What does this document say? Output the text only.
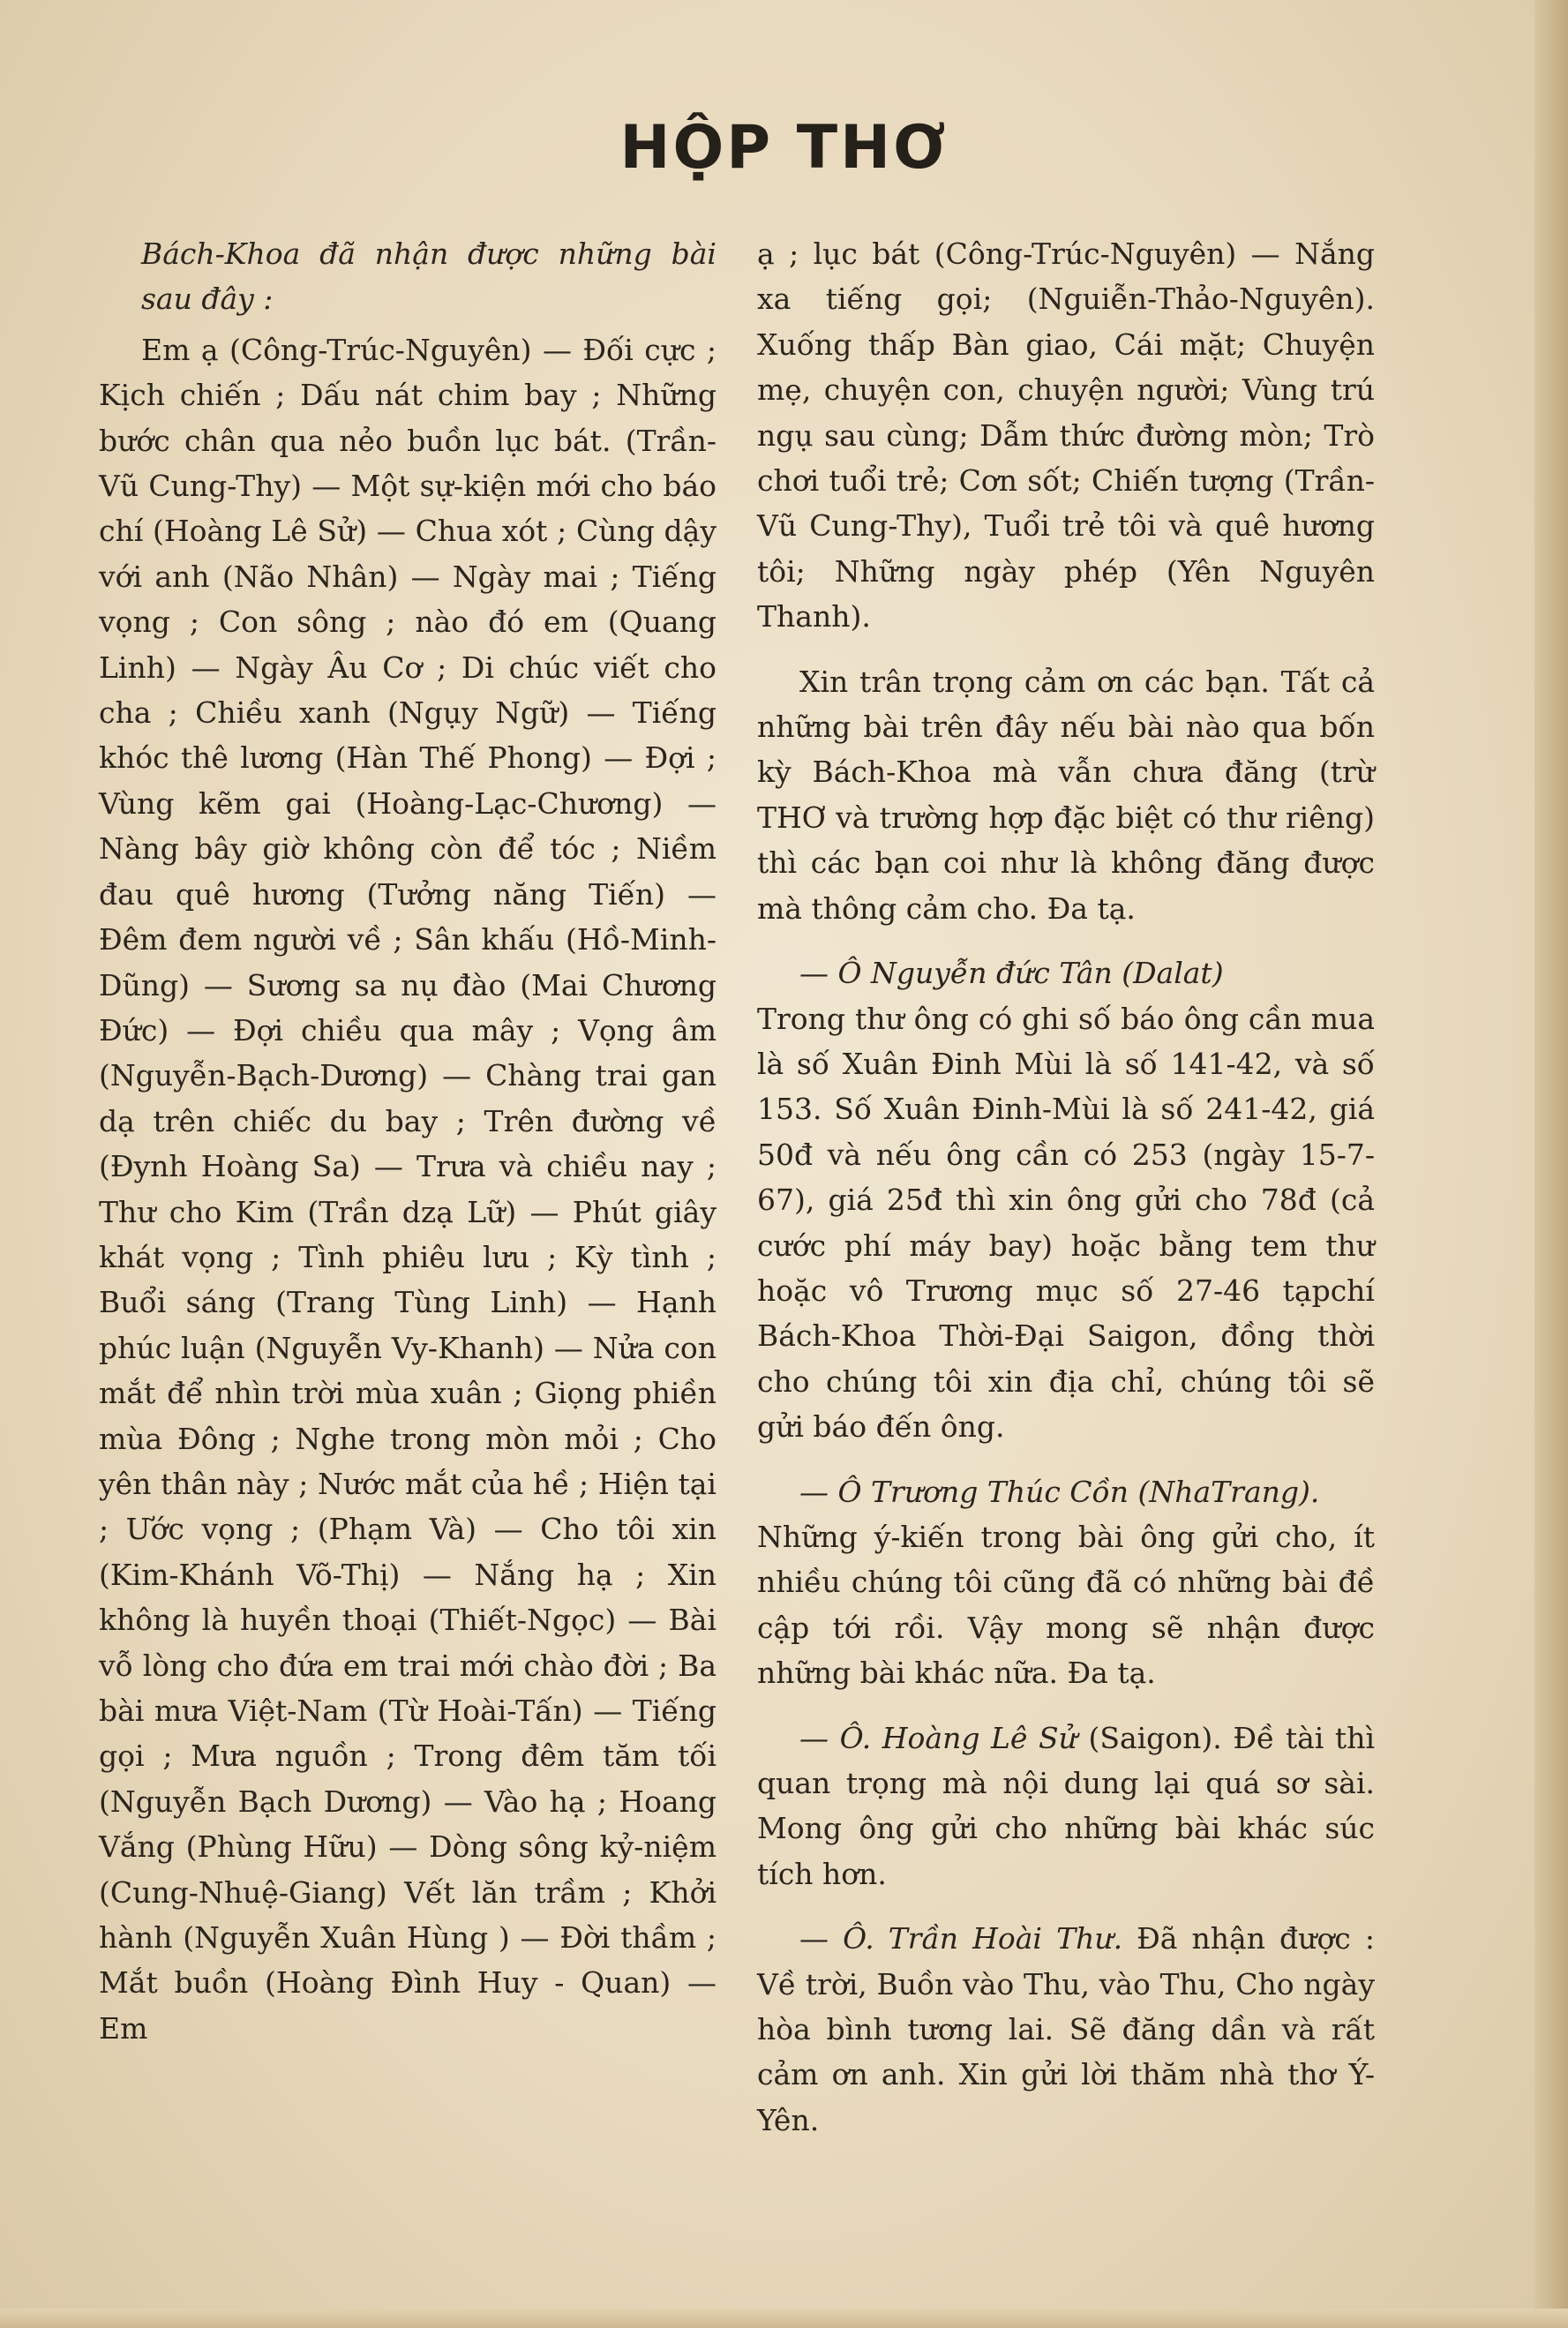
HỘP THƠ

Bách-Khoa đã nhận được những bài sau đây :

Em ạ (Công-Trúc-Nguyên) — Đối cực ; Kịch chiến ; Dấu nát chim bay ; Những bước chân qua nẻo buồn lục bát. (Trần-Vũ Cung-Thy) — Một sự-kiện mới cho báo chí (Hoàng Lê Sử) — Chua xót ; Cùng dậy với anh (Não Nhân) — Ngày mai ; Tiếng vọng ; Con sông ; nào đó em (Quang Linh) — Ngày Âu Cơ ; Di chúc viết cho cha ; Chiều xanh (Ngụy Ngữ) — Tiếng khóc thê lương (Hàn Thế Phong) — Đợi ; Vùng kẽm gai (Hoàng-Lạc-Chương) — Nàng bây giờ không còn để tóc ; Niềm đau quê hương (Tưởng năng Tiến) — Đêm đem người về ; Sân khấu (Hồ-Minh-Dũng) — Sương sa nụ đào (Mai Chương Đức) — Đợi chiều qua mây ; Vọng âm (Nguyễn-Bạch-Dương) — Chàng trai gan dạ trên chiếc du bay ; Trên đường về (Đynh Hoàng Sa) — Trưa và chiều nay ; Thư cho Kim (Trần dzạ Lữ) — Phút giây khát vọng ; Tình phiêu lưu ; Kỳ tình ; Buổi sáng (Trang Tùng Linh) — Hạnh phúc luận (Nguyễn Vy-Khanh) — Nửa con mắt để nhìn trời mùa xuân ; Giọng phiền mùa Đông ; Nghe trong mòn mỏi ; Cho yên thân này ; Nước mắt của hề ; Hiện tại ; Ước vọng ; (Phạm Và) — Cho tôi xin (Kim-Khánh Võ-Thị) — Nắng hạ ; Xin không là huyền thoại (Thiết-Ngọc) — Bài vỗ lòng cho đứa em trai mới chào đời ; Ba bài mưa Việt-Nam (Từ Hoài-Tấn) — Tiếng gọi ; Mưa nguồn ; Trong đêm tăm tối (Nguyễn Bạch Dương) — Vào hạ ; Hoang Vắng (Phùng Hữu) — Dòng sông kỷ-niệm (Cung-Nhuệ-Giang) Vết lăn trầm ; Khởi hành (Nguyễn Xuân Hùng ) — Đời thầm ; Mắt buồn (Hoàng Đình Huy - Quan) — Em

ạ ; lục bát (Công-Trúc-Nguyên) — Nắng xa tiếng gọi; (Nguiễn-Thảo-Nguyên). Xuống thấp Bàn giao, Cái mặt; Chuyện mẹ, chuyện con, chuyện người; Vùng trú ngụ sau cùng; Dẫm thức đường mòn; Trò chơi tuổi trẻ; Cơn sốt; Chiến tượng (Trần-Vũ Cung-Thy), Tuổi trẻ tôi và quê hương tôi; Những ngày phép (Yên Nguyên Thanh).

Xin trân trọng cảm ơn các bạn. Tất cả những bài trên đây nếu bài nào qua bốn kỳ Bách-Khoa mà vẫn chưa đăng (trừ THƠ và trường hợp đặc biệt có thư riêng) thì các bạn coi như là không đăng được mà thông cảm cho. Đa tạ.

— Ô Nguyễn đức Tân (Dalat)
Trong thư ông có ghi số báo ông cần mua là số Xuân Đinh Mùi là số 141-42, và số 153. Số Xuân Đinh-Mùi là số 241-42, giá 50đ và nếu ông cần có 253 (ngày 15-7-67), giá 25đ thì xin ông gửi cho 78đ (cả cước phí máy bay) hoặc bằng tem thư hoặc vô Trương mục số 27-46 tạpchí Bách-Khoa Thời-Đại Saigon, đồng thời cho chúng tôi xin địa chỉ, chúng tôi sẽ gửi báo đến ông.

— Ô Trương Thúc Cồn (NhaTrang).
Những ý-kiến trong bài ông gửi cho, ít nhiều chúng tôi cũng đã có những bài đề cập tới rồi. Vậy mong sẽ nhận được những bài khác nữa. Đa tạ.

— Ô. Hoàng Lê Sử (Saigon). Đề tài thì quan trọng mà nội dung lại quá sơ sài. Mong ông gửi cho những bài khác súc tích hơn.

— Ô. Trần Hoài Thư. Đã nhận được : Về trời, Buồn vào Thu, vào Thu, Cho ngày hòa bình tương lai. Sẽ đăng dần và rất cảm ơn anh. Xin gửi lời thăm nhà thơ Ý-Yên.
